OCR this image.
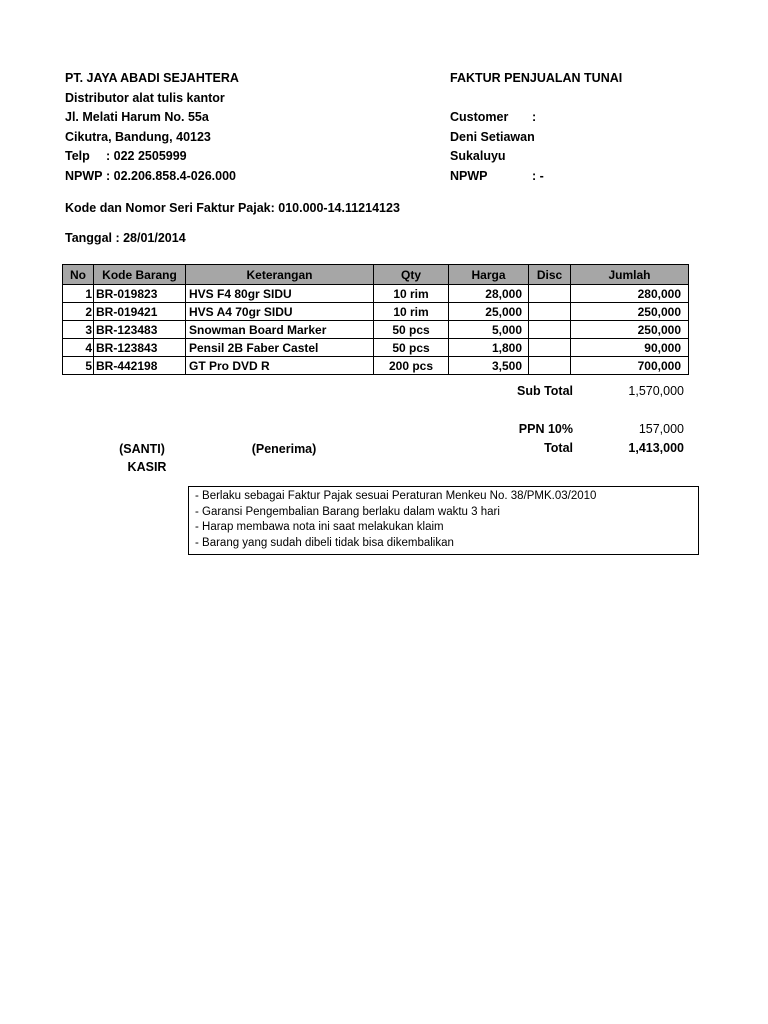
PT. JAYA ABADI SEJAHTERA
Distributor alat tulis kantor
Jl. Melati Harum No. 55a
Cikutra, Bandung, 40123
Telp	: 022 2505999
NPWP : 02.206.858.4-026.000
FAKTUR PENJUALAN TUNAI
Customer	:
Deni Setiawan
Sukaluyu
NPWP	: -
Kode dan Nomor Seri Faktur Pajak: 010.000-14.11214123
Tanggal : 28/01/2014
No	Kode Barang	Keterangan	Qty	Harga	Disc	Jumlah
1	BR-019823	HVS F4 80gr SIDU	10 rim	28,000		280,000
2	BR-019421	HVS A4 70gr SIDU	10 rim	25,000		250,000
3	BR-123483	Snowman Board Marker	50 pcs	5,000		250,000
4	BR-123843	Pensil 2B Faber Castel	50 pcs	1,800		90,000
5	BR-442198	GT Pro DVD R	200 pcs	3,500		700,000
Sub Total	1,570,000
PPN 10%	157,000
Total	1,413,000
(SANTI)	(Penerima)
KASIR
- Berlaku sebagai Faktur Pajak sesuai Peraturan Menkeu No. 38/PMK.03/2010
- Garansi Pengembalian Barang berlaku dalam waktu 3 hari
- Harap membawa nota ini saat melakukan klaim
- Barang yang sudah dibeli tidak bisa dikembalikan
